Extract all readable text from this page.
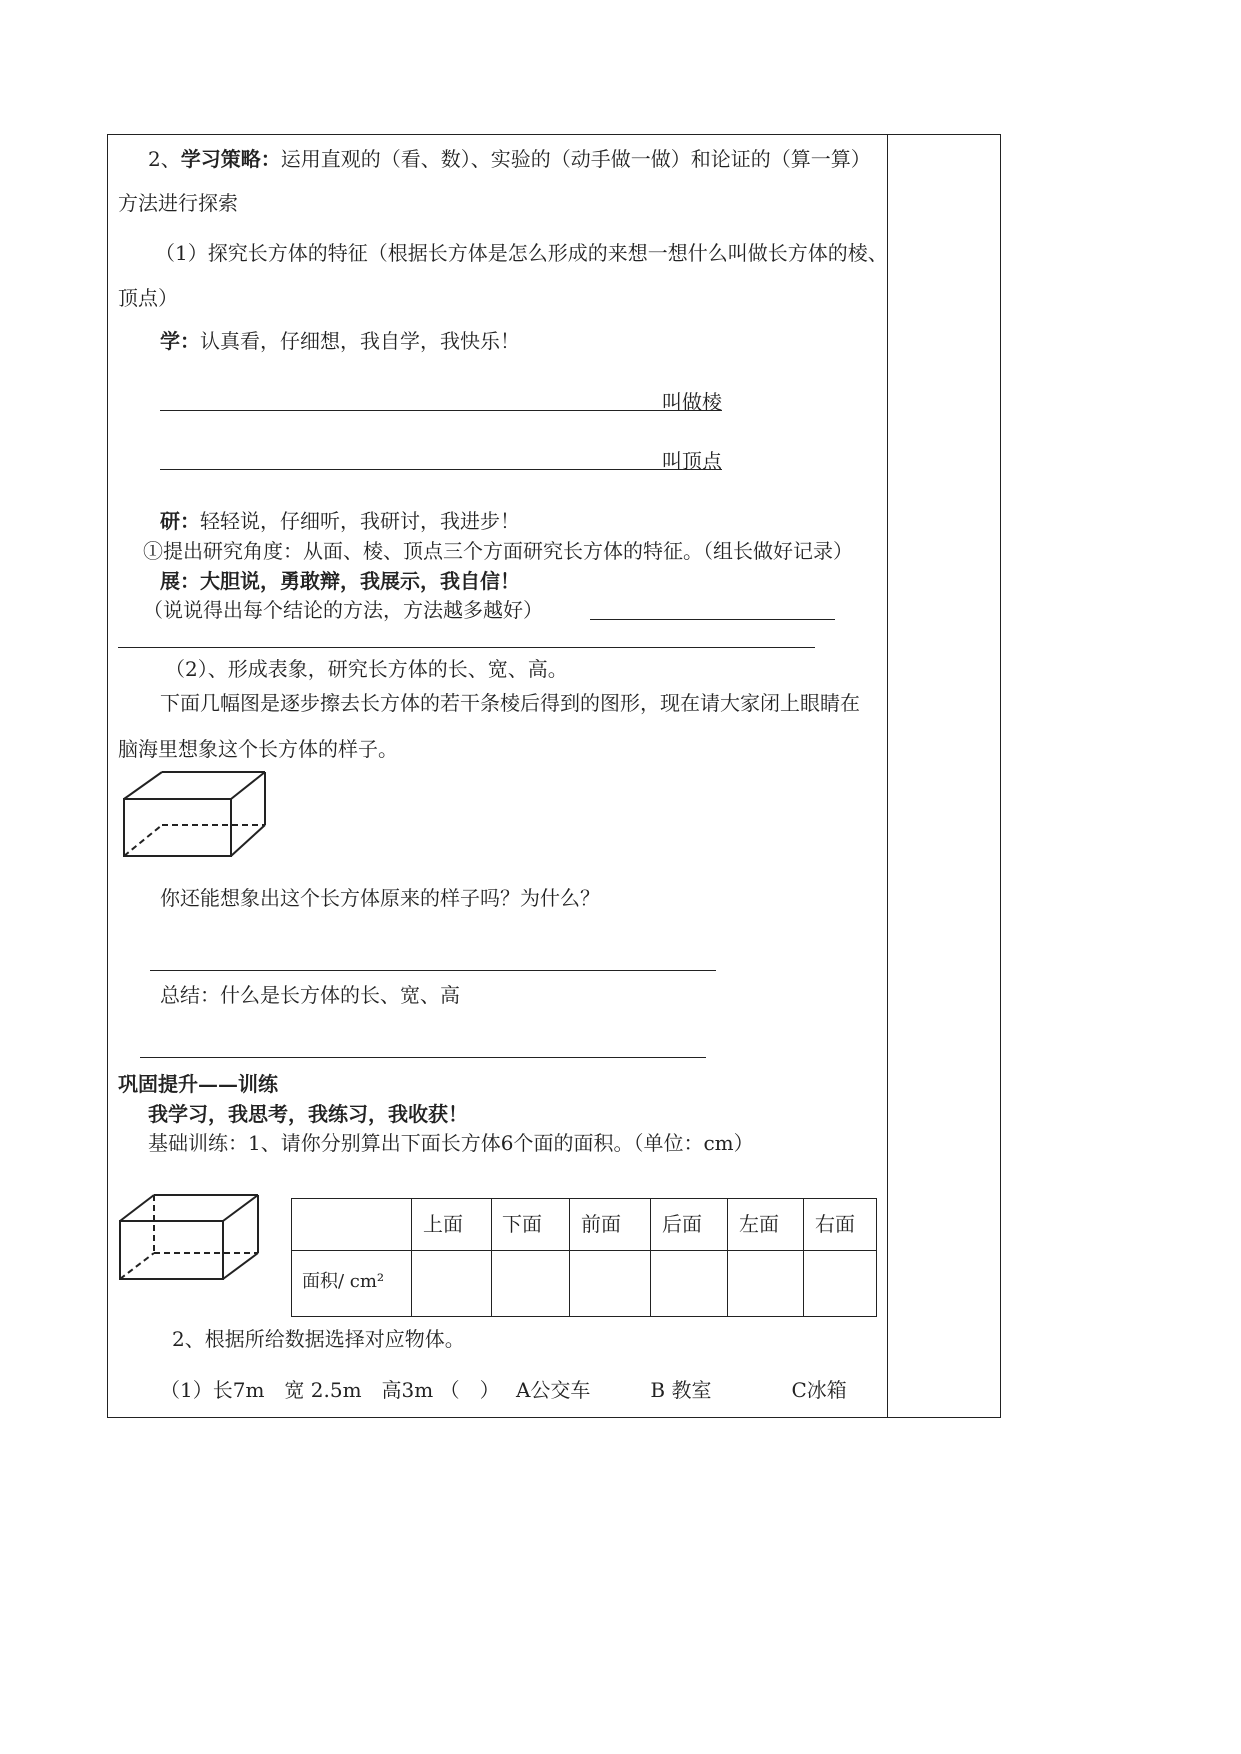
2、学习策略：运用直观的（看、数）、实验的（动手做一做）和论证的（算一算）
方法进行探索
（1）探究长方体的特征（根据长方体是怎么形成的来想一想什么叫做长方体的棱、
顶点）
学：认真看，仔细想，我自学，我快乐！
叫做棱
叫顶点
研：轻轻说，仔细听，我研讨，我进步！
①提出研究角度：从面、棱、顶点三个方面研究长方体的特征。（组长做好记录）
展：大胆说，勇敢辩，我展示，我自信！
（说说得出每个结论的方法，方法越多越好）
（2）、形成表象，研究长方体的长、宽、高。
下面几幅图是逐步擦去长方体的若干条棱后得到的图形，现在请大家闭上眼睛在
脑海里想象这个长方体的样子。
你还能想象出这个长方体原来的样子吗？为什么？
总结：什么是长方体的长、宽、高
巩固提升——训练
我学习，我思考，我练习，我收获！
基础训练：1、请你分别算出下面长方体6个面的面积。（单位：cm）
上面 下面 前面 后面 左面 右面
面积/ cm²
2、根据所给数据选择对应物体。
（1）长7m　宽 2.5m　高3m （　）　 A公交车　　　B 教室　　　　C冰箱
